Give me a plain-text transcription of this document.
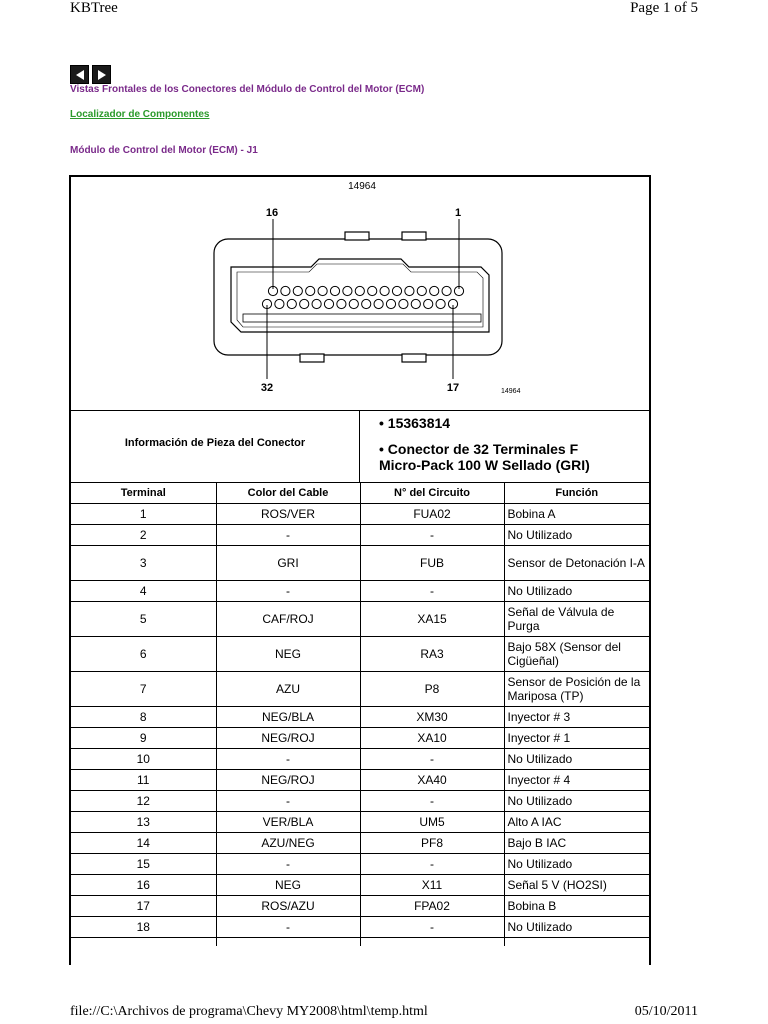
KBTree	Page 1 of 5
Vistas Frontales de los Conectores del Módulo de Control del Motor (ECM)
Localizador de Componentes
Módulo de Control del Motor (ECM) - J1
14964
16	1
32	17	14964
Información de Pieza del Conector
• 15363814
• Conector de 32 Terminales F
Micro-Pack 100 W Sellado (GRI)
Terminal	Color del Cable	N° del Circuito	Función
1	ROS/VER	FUA02	Bobina A
2	-	-	No Utilizado
3	GRI	FUB	Sensor de Detonación I-A
4	-	-	No Utilizado
5	CAF/ROJ	XA15	Señal de Válvula de Purga
6	NEG	RA3	Bajo 58X (Sensor del Cigüeñal)
7	AZU	P8	Sensor de Posición de la Mariposa (TP)
8	NEG/BLA	XM30	Inyector # 3
9	NEG/ROJ	XA10	Inyector # 1
10	-	-	No Utilizado
11	NEG/ROJ	XA40	Inyector # 4
12	-	-	No Utilizado
13	VER/BLA	UM5	Alto A IAC
14	AZU/NEG	PF8	Bajo B IAC
15	-	-	No Utilizado
16	NEG	X11	Señal 5 V (HO2SI)
17	ROS/AZU	FPA02	Bobina B
18	-	-	No Utilizado

file://C:\Archivos de programa\Chevy MY2008\html\temp.html	05/10/2011
